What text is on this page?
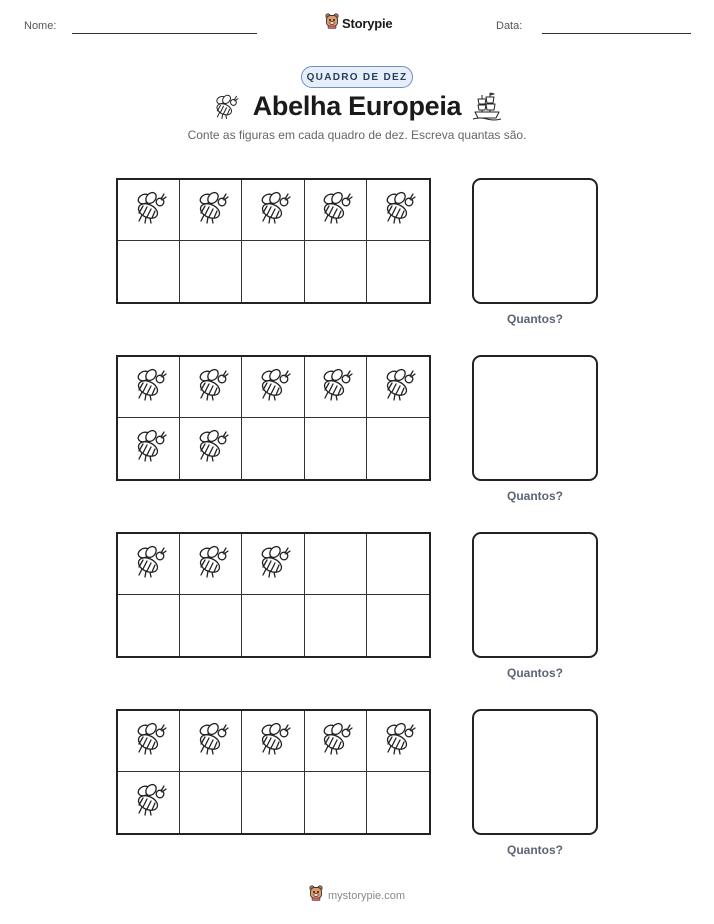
Nome:	Storypie	Data:
QUADRO DE DEZ
Abelha Europeia
Conte as figuras em cada quadro de dez. Escreva quantas são.
Quantos?
Quantos?
Quantos?
Quantos?
mystorypie.com
